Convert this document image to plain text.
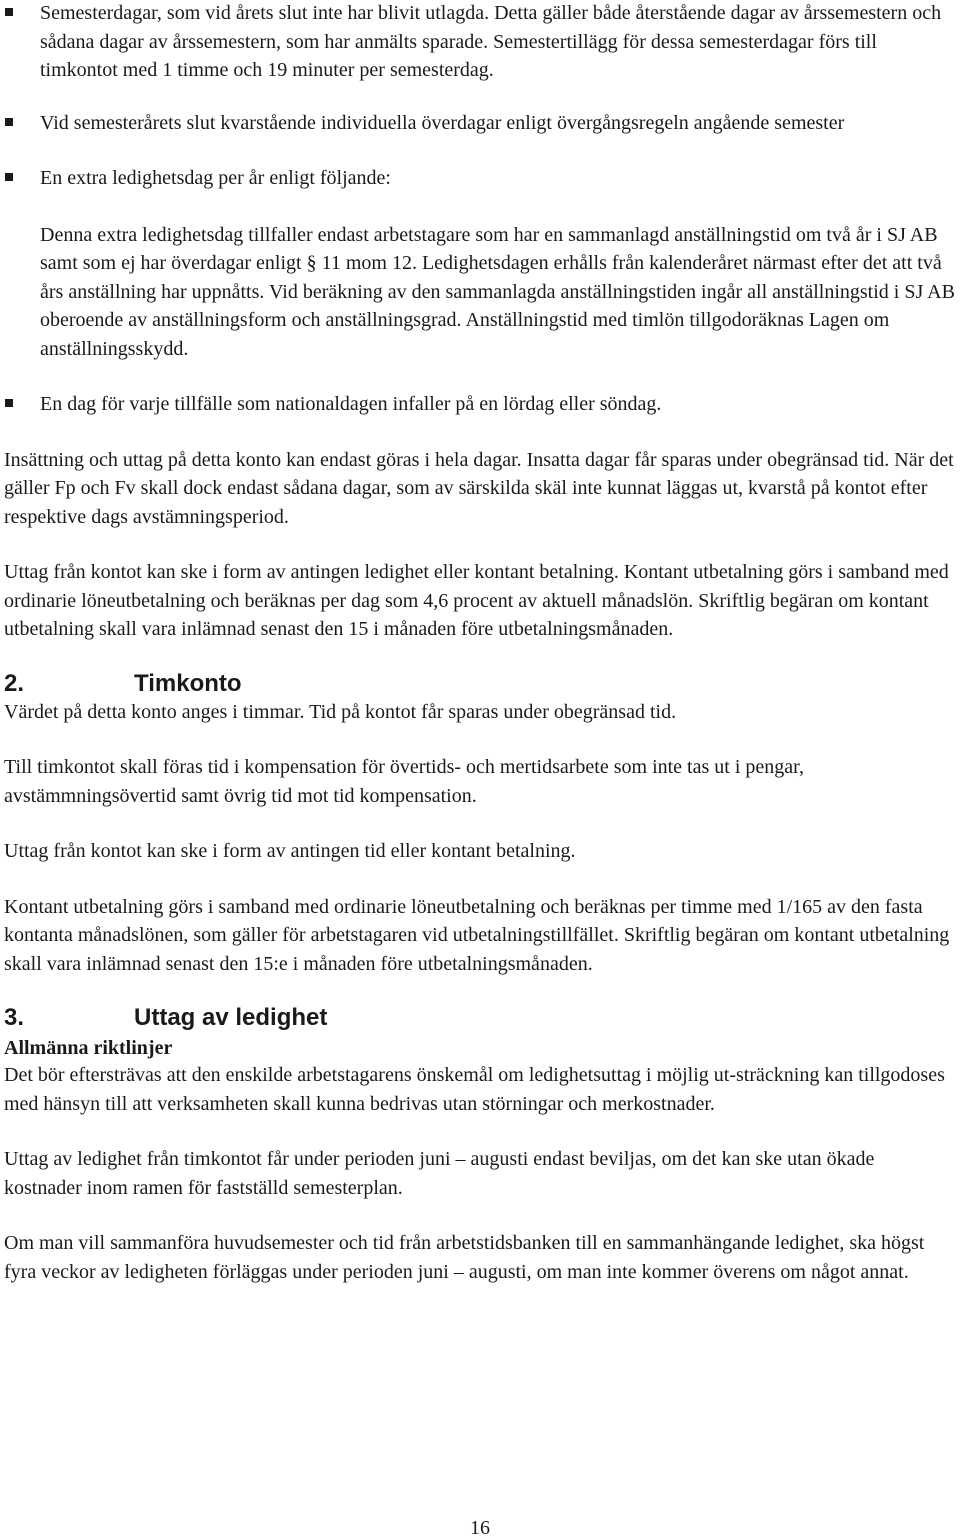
Semesterdagar, som vid årets slut inte har blivit utlagda. Detta gäller både återstående dagar av årssemestern och sådana dagar av årssemestern, som har anmälts sparade. Semestertillägg för dessa semesterdagar förs till timkontot med 1 timme och 19 minuter per semesterdag.

Vid semesterårets slut kvarstående individuella överdagar enligt övergångsregeln angående semester

En extra ledighetsdag per år enligt följande:

Denna extra ledighetsdag tillfaller endast arbetstagare som har en sammanlagd anställningstid om två år i SJ AB samt som ej har överdagar enligt § 11 mom 12. Ledighetsdagen erhålls från kalenderåret närmast efter det att två års anställning har uppnåtts. Vid beräkning av den sammanlagda anställningstiden ingår all anställningstid i SJ AB oberoende av anställningsform och anställningsgrad. Anställningstid med timlön tillgodoräknas Lagen om anställningsskydd.

En dag för varje tillfälle som nationaldagen infaller på en lördag eller söndag.

Insättning och uttag på detta konto kan endast göras i hela dagar. Insatta dagar får sparas under obegränsad tid. När det gäller Fp och Fv skall dock endast sådana dagar, som av särskilda skäl inte kunnat läggas ut, kvarstå på kontot efter respektive dags avstämningsperiod.

Uttag från kontot kan ske i form av antingen ledighet eller kontant betalning. Kontant utbetalning görs i samband med ordinarie löneutbetalning och beräknas per dag som 4,6 procent av aktuell månadslön. Skriftlig begäran om kontant utbetalning skall vara inlämnad senast den 15 i månaden före utbetalningsmånaden.

2.	Timkonto

Värdet på detta konto anges i timmar. Tid på kontot får sparas under obegränsad tid.

Till timkontot skall föras tid i kompensation för övertids- och mertidsarbete som inte tas ut i pengar, avstämmningsövertid samt övrig tid mot tid kompensation.

Uttag från kontot kan ske i form av antingen tid eller kontant betalning.

Kontant utbetalning görs i samband med ordinarie löneutbetalning och beräknas per timme med 1/165 av den fasta kontanta månadslönen, som gäller för arbetstagaren vid utbetalningstillfället. Skriftlig begäran om kontant utbetalning skall vara inlämnad senast den 15:e i månaden före utbetalningsmånaden.

3.	Uttag av ledighet

Allmänna riktlinjer

Det bör eftersträvas att den enskilde arbetstagarens önskemål om ledighetsuttag i möjlig ut-sträckning kan tillgodoses med hänsyn till att verksamheten skall kunna bedrivas utan störningar och merkostnader.

Uttag av ledighet från timkontot får under perioden juni – augusti endast beviljas, om det kan ske utan ökade kostnader inom ramen för fastställd semesterplan.

Om man vill sammanföra huvudsemester och tid från arbetstidsbanken till en sammanhängande ledighet, ska högst fyra veckor av ledigheten förläggas under perioden juni – augusti, om man inte kommer överens om något annat.

16
